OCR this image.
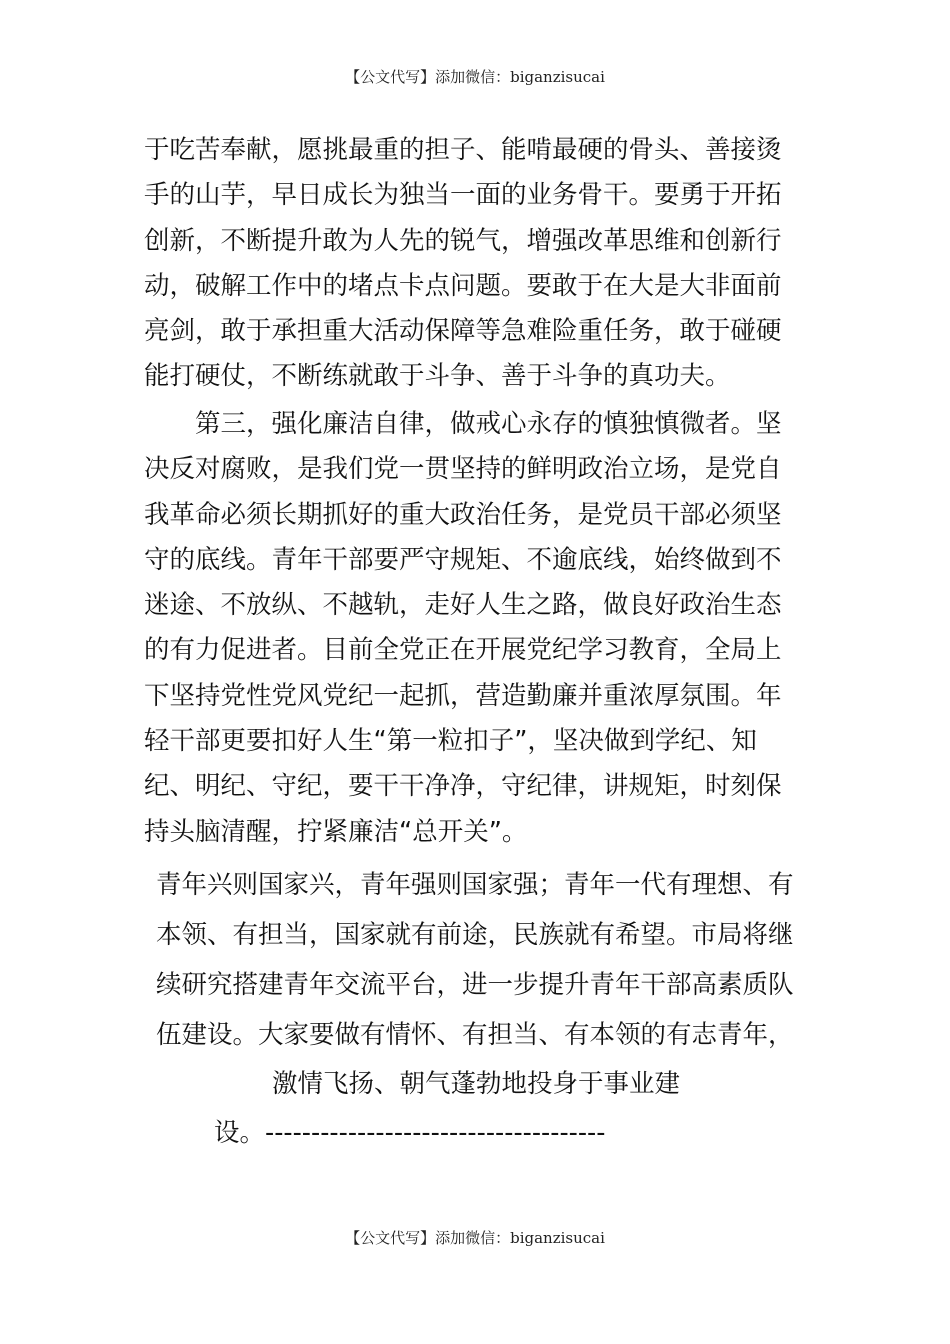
【公文代写】添加微信：biganzisucai

于吃苦奉献，愿挑最重的担子、能啃最硬的骨头、善接烫
手的山芋，早日成长为独当一面的业务骨干。要勇于开拓
创新，不断提升敢为人先的锐气，增强改革思维和创新行
动，破解工作中的堵点卡点问题。要敢于在大是大非面前
亮剑，敢于承担重大活动保障等急难险重任务，敢于碰硬
能打硬仗，不断练就敢于斗争、善于斗争的真功夫。

　　第三，强化廉洁自律，做戒心永存的慎独慎微者。坚
决反对腐败，是我们党一贯坚持的鲜明政治立场，是党自
我革命必须长期抓好的重大政治任务，是党员干部必须坚
守的底线。青年干部要严守规矩、不逾底线，始终做到不
迷途、不放纵、不越轨，走好人生之路，做良好政治生态
的有力促进者。目前全党正在开展党纪学习教育，全局上
下坚持党性党风党纪一起抓，营造勤廉并重浓厚氛围。年
轻干部更要扣好人生“第一粒扣子”，坚决做到学纪、知
纪、明纪、守纪，要干干净净，守纪律，讲规矩，时刻保
持头脑清醒，拧紧廉洁“总开关”。

青年兴则国家兴，青年强则国家强；青年一代有理想、有
本领、有担当，国家就有前途，民族就有希望。市局将继
续研究搭建青年交流平台，进一步提升青年干部高素质队
伍建设。大家要做有情怀、有担当、有本领的有志青年，

激情飞扬、朝气蓬勃地投身于事业建
设。-------------------------------------
【公文代写】添加微信：biganzisucai
